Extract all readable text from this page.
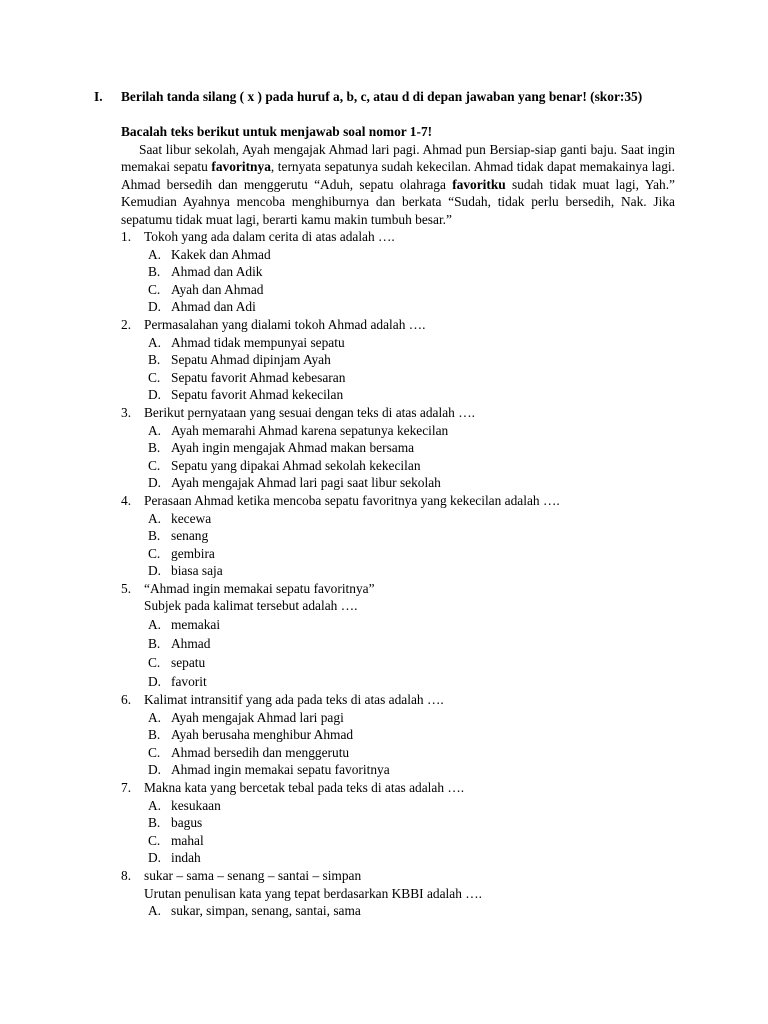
I. Berilah tanda silang ( x ) pada huruf a, b, c, atau d di depan jawaban yang benar! (skor:35)
Bacalah teks berikut untuk menjawab soal nomor 1-7!
Saat libur sekolah, Ayah mengajak Ahmad lari pagi. Ahmad pun Bersiap-siap ganti baju. Saat ingin memakai sepatu favoritnya, ternyata sepatunya sudah kekecilan. Ahmad tidak dapat memakainya lagi. Ahmad bersedih dan menggerutu “Aduh, sepatu olahraga favoritku sudah tidak muat lagi, Yah.” Kemudian Ayahnya mencoba menghiburnya dan berkata “Sudah, tidak perlu bersedih, Nak. Jika sepatumu tidak muat lagi, berarti kamu makin tumbuh besar.”
1. Tokoh yang ada dalam cerita di atas adalah ….
A. Kakek dan Ahmad
B. Ahmad dan Adik
C. Ayah dan Ahmad
D. Ahmad dan Adi
2. Permasalahan yang dialami tokoh Ahmad adalah ….
A. Ahmad tidak mempunyai sepatu
B. Sepatu Ahmad dipinjam Ayah
C. Sepatu favorit Ahmad kebesaran
D. Sepatu favorit Ahmad kekecilan
3. Berikut pernyataan yang sesuai dengan teks di atas adalah ….
A. Ayah memarahi Ahmad karena sepatunya kekecilan
B. Ayah ingin mengajak Ahmad makan bersama
C. Sepatu yang dipakai Ahmad sekolah kekecilan
D. Ayah mengajak Ahmad lari pagi saat libur sekolah
4. Perasaan Ahmad ketika mencoba sepatu favoritnya yang kekecilan adalah ….
A. kecewa
B. senang
C. gembira
D. biasa saja
5. “Ahmad ingin memakai sepatu favoritnya”
Subjek pada kalimat tersebut adalah ….
A. memakai
B. Ahmad
C. sepatu
D. favorit
6. Kalimat intransitif yang ada pada teks di atas adalah ….
A. Ayah mengajak Ahmad lari pagi
B. Ayah berusaha menghibur Ahmad
C. Ahmad bersedih dan menggerutu
D. Ahmad ingin memakai sepatu favoritnya
7. Makna kata yang bercetak tebal pada teks di atas adalah ….
A. kesukaan
B. bagus
C. mahal
D. indah
8. sukar – sama – senang – santai – simpan
Urutan penulisan kata yang tepat berdasarkan KBBI adalah ….
A. sukar, simpan, senang, santai, sama
